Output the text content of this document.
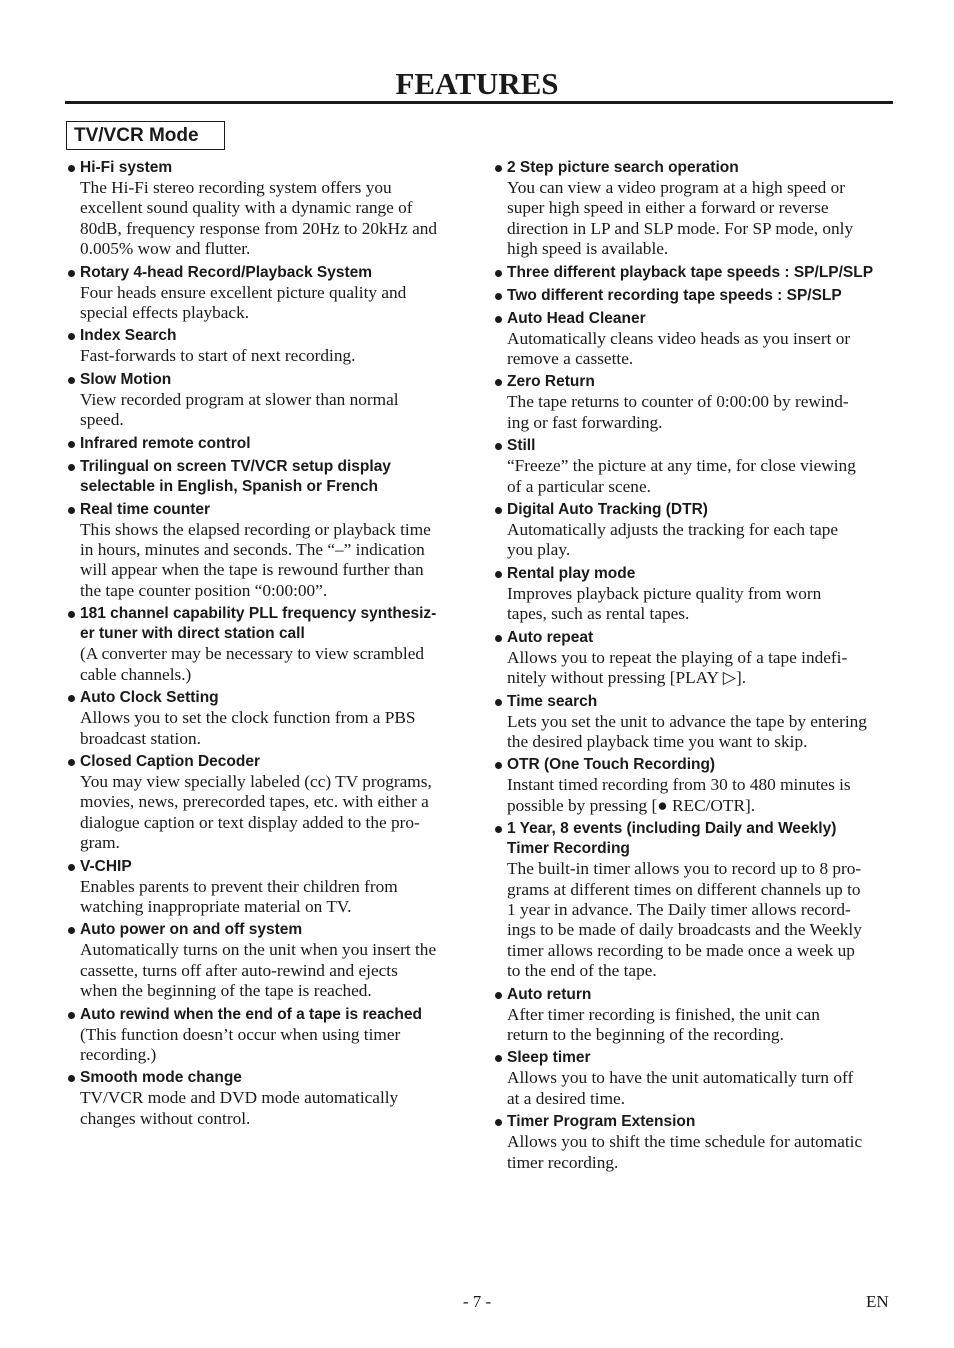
FEATURES
TV/VCR Mode
Hi-Fi system
The Hi-Fi stereo recording system offers you
excellent sound quality with a dynamic range of
80dB, frequency response from 20Hz to 20kHz and
0.005% wow and flutter.
Rotary 4-head Record/Playback System
Four heads ensure excellent picture quality and
special effects playback.
Index Search
Fast-forwards to start of next recording.
Slow Motion
View recorded program at slower than normal
speed.
Infrared remote control
Trilingual on screen TV/VCR setup display
selectable in English, Spanish or French
Real time counter
This shows the elapsed recording or playback time
in hours, minutes and seconds. The “–” indication
will appear when the tape is rewound further than
the tape counter position “0:00:00”.
181 channel capability PLL frequency synthesiz-
er tuner with direct station call
(A converter may be necessary to view scrambled
cable channels.)
Auto Clock Setting
Allows you to set the clock function from a PBS
broadcast station.
Closed Caption Decoder
You may view specially labeled (cc) TV programs,
movies, news, prerecorded tapes, etc. with either a
dialogue caption or text display added to the pro-
gram.
V-CHIP
Enables parents to prevent their children from
watching inappropriate material on TV.
Auto power on and off system
Automatically turns on the unit when you insert the
cassette, turns off after auto-rewind and ejects
when the beginning of the tape is reached.
Auto rewind when the end of a tape is reached
(This function doesn’t occur when using timer
recording.)
Smooth mode change
TV/VCR mode and DVD mode automatically
changes without control.
2 Step picture search operation
You can view a video program at a high speed or
super high speed in either a forward or reverse
direction in LP and SLP mode. For SP mode, only
high speed is available.
Three different playback tape speeds : SP/LP/SLP
Two different recording tape speeds : SP/SLP
Auto Head Cleaner
Automatically cleans video heads as you insert or
remove a cassette.
Zero Return
The tape returns to counter of 0:00:00 by rewind-
ing or fast forwarding.
Still
“Freeze” the picture at any time, for close viewing
of a particular scene.
Digital Auto Tracking (DTR)
Automatically adjusts the tracking for each tape
you play.
Rental play mode
Improves playback picture quality from worn
tapes, such as rental tapes.
Auto repeat
Allows you to repeat the playing of a tape indefi-
nitely without pressing [PLAY ▷].
Time search
Lets you set the unit to advance the tape by entering
the desired playback time you want to skip.
OTR (One Touch Recording)
Instant timed recording from 30 to 480 minutes is
possible by pressing [● REC/OTR].
1 Year, 8 events (including Daily and Weekly)
Timer Recording
The built-in timer allows you to record up to 8 pro-
grams at different times on different channels up to
1 year in advance. The Daily timer allows record-
ings to be made of daily broadcasts and the Weekly
timer allows recording to be made once a week up
to the end of the tape.
Auto return
After timer recording is finished, the unit can
return to the beginning of the recording.
Sleep timer
Allows you to have the unit automatically turn off
at a desired time.
Timer Program Extension
Allows you to shift the time schedule for automatic
timer recording.
- 7 -	EN
